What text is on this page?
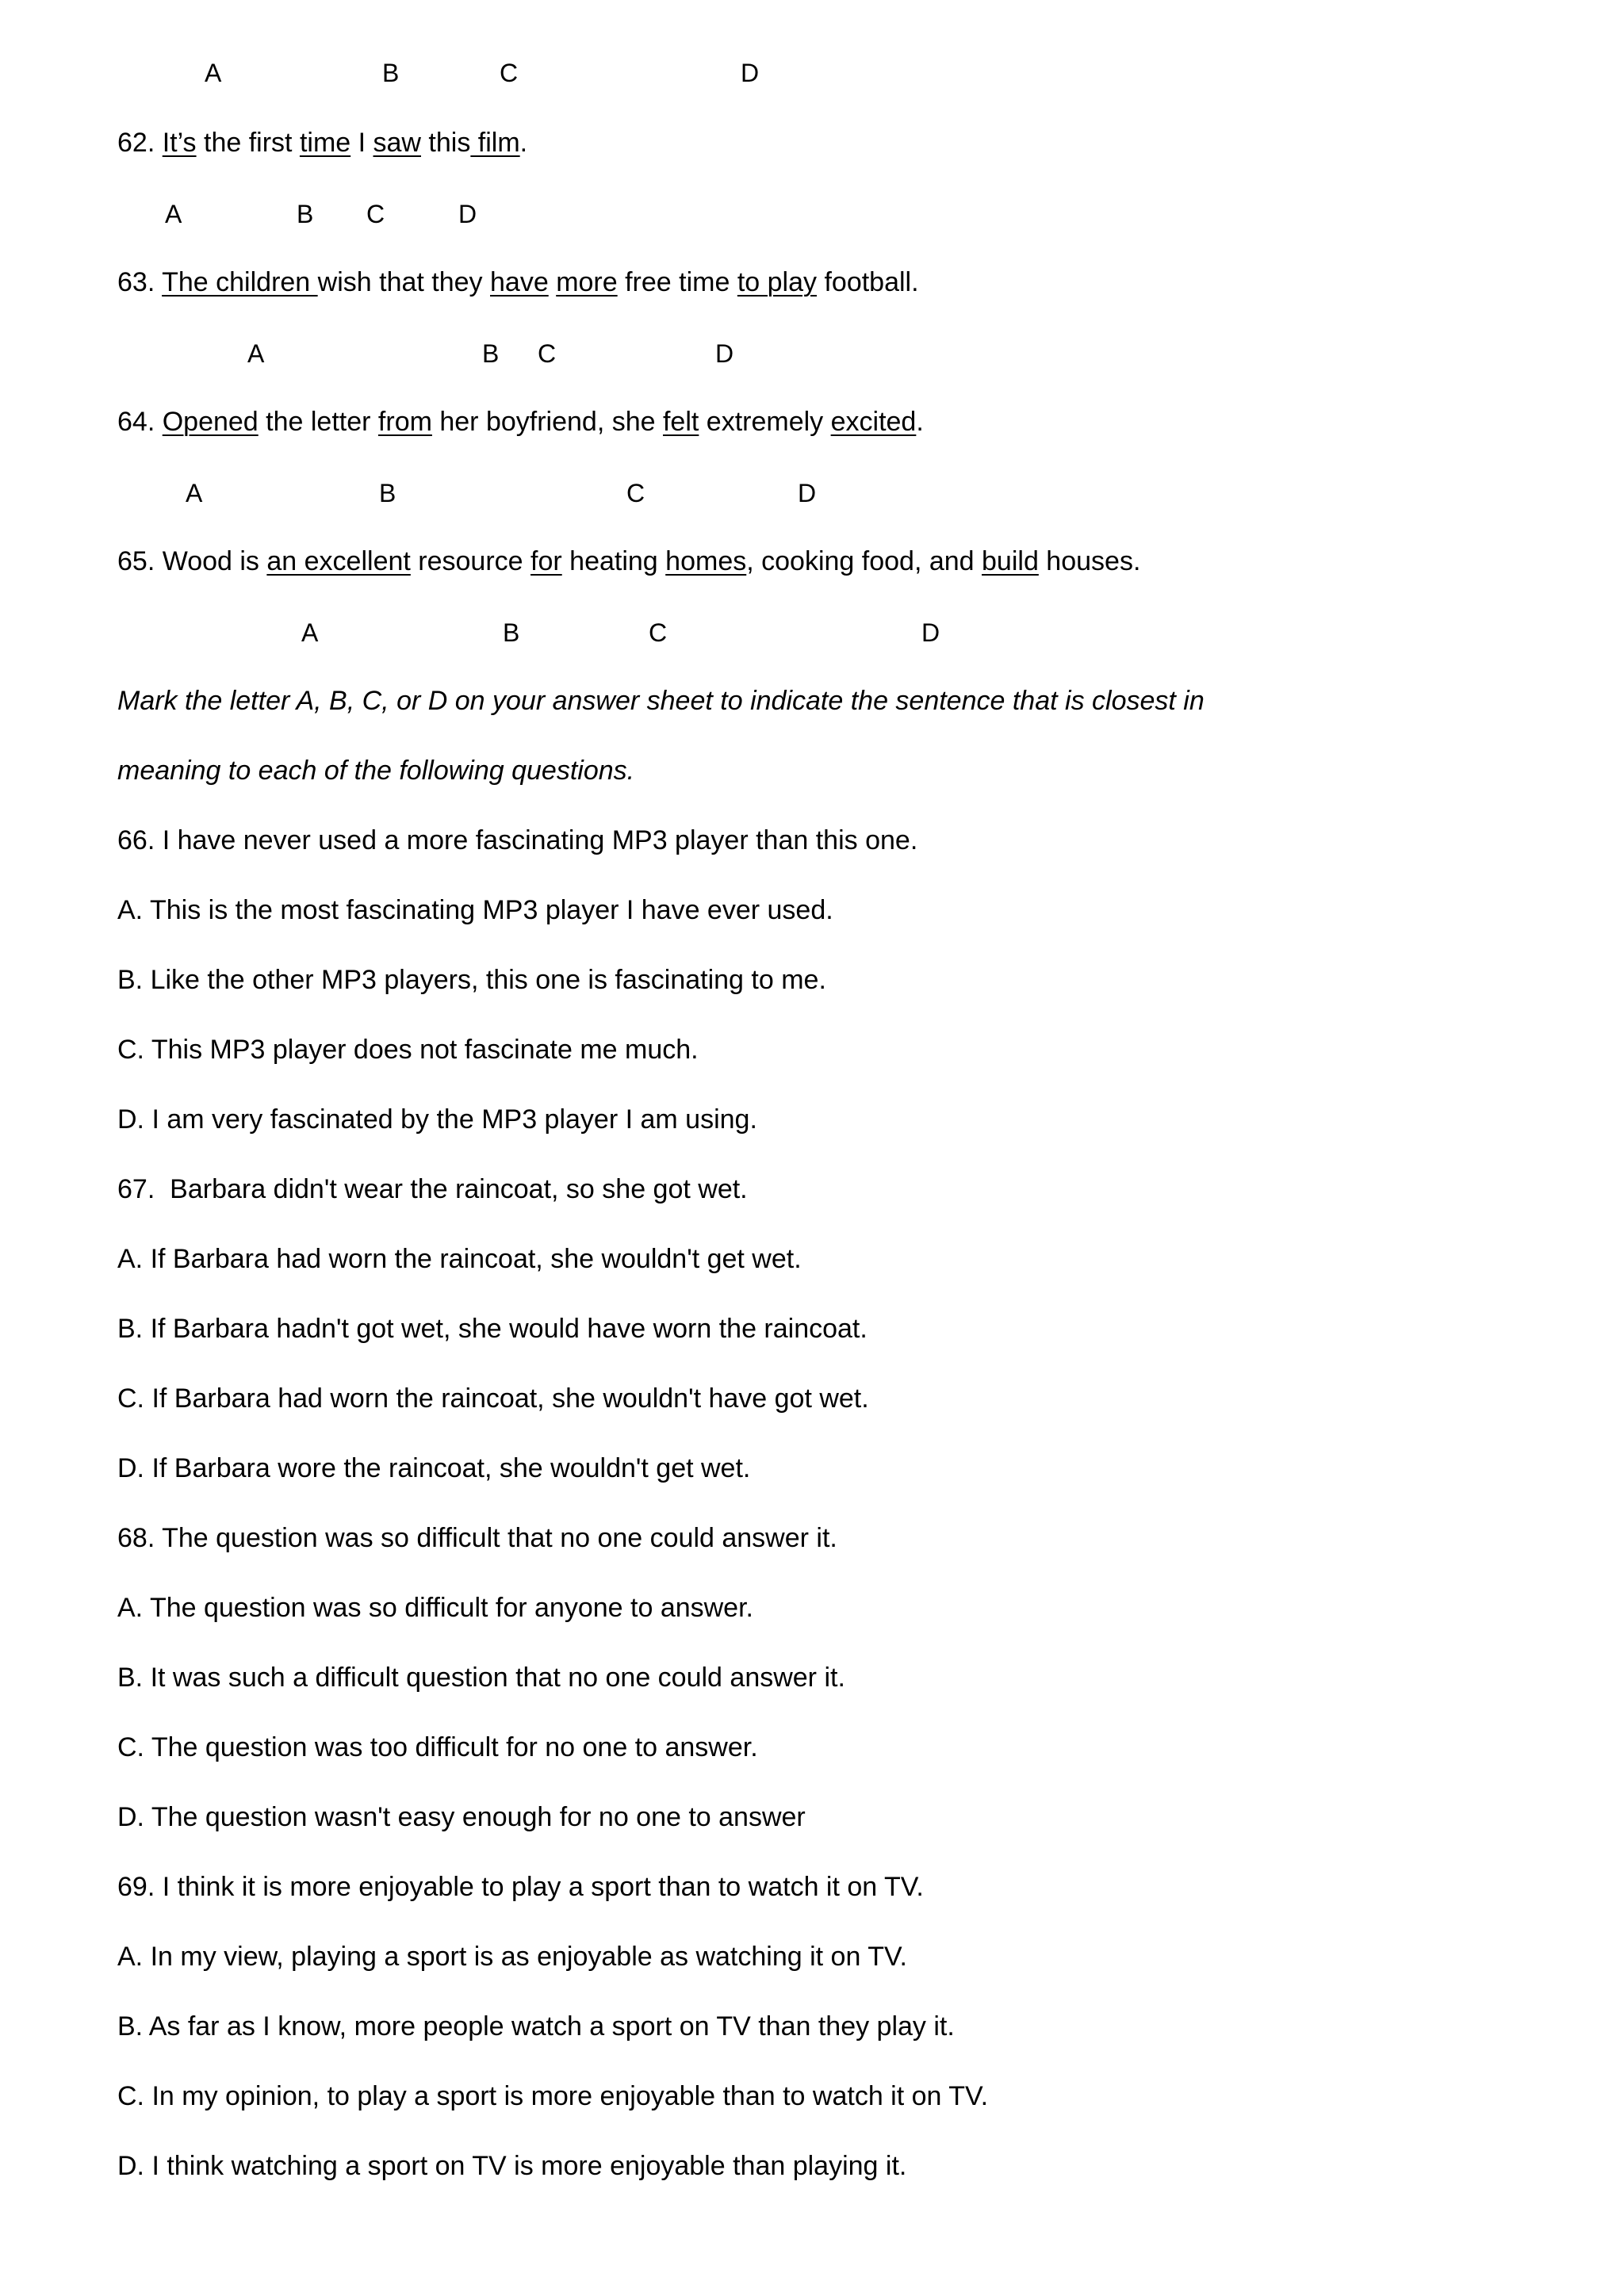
A	B	C	D
62. It’s the first time I saw this film.
A	B C	D
63. The children wish that they have more free time to play football.
A	B C	D
64. Opened the letter from her boyfriend, she felt extremely excited.
A	B	C	D
65. Wood is an excellent resource for heating homes, cooking food, and build houses.
A	B	C	D
Mark the letter A, B, C, or D on your answer sheet to indicate the sentence that is closest in
meaning to each of the following questions.
66. I have never used a more fascinating MP3 player than this one.
A. This is the most fascinating MP3 player I have ever used.
B. Like the other MP3 players, this one is fascinating to me.
C. This MP3 player does not fascinate me much.
D. I am very fascinated by the MP3 player I am using.
67.  Barbara didn't wear the raincoat, so she got wet.
A. If Barbara had worn the raincoat, she wouldn't get wet.
B. If Barbara hadn't got wet, she would have worn the raincoat.
C. If Barbara had worn the raincoat, she wouldn't have got wet.
D. If Barbara wore the raincoat, she wouldn't get wet.
68. The question was so difficult that no one could answer it.
A. The question was so difficult for anyone to answer.
B. It was such a difficult question that no one could answer it.
C. The question was too difficult for no one to answer.
D. The question wasn't easy enough for no one to answer
69. I think it is more enjoyable to play a sport than to watch it on TV.
A. In my view, playing a sport is as enjoyable as watching it on TV.
B. As far as I know, more people watch a sport on TV than they play it.
C. In my opinion, to play a sport is more enjoyable than to watch it on TV.
D. I think watching a sport on TV is more enjoyable than playing it.
